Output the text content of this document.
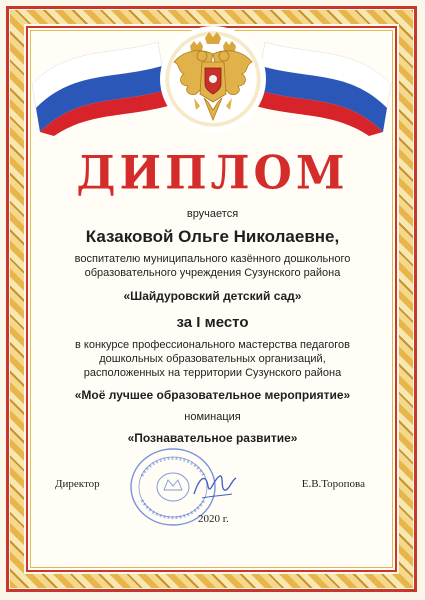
ДИПЛОМ
вручается
Казаковой Ольге Николаевне,
воспитателю муниципального казённого дошкольного
образовательного учреждения Сузунского района
«Шайдуровский детский сад»
за I место
в конкурсе профессионального мастерства педагогов
дошкольных образовательных организаций,
расположенных на территории Сузунского района
«Моё лучшее образовательное мероприятие»
номинация
«Познавательное развитие»
Директор	Е.В.Торопова
2020 г.
